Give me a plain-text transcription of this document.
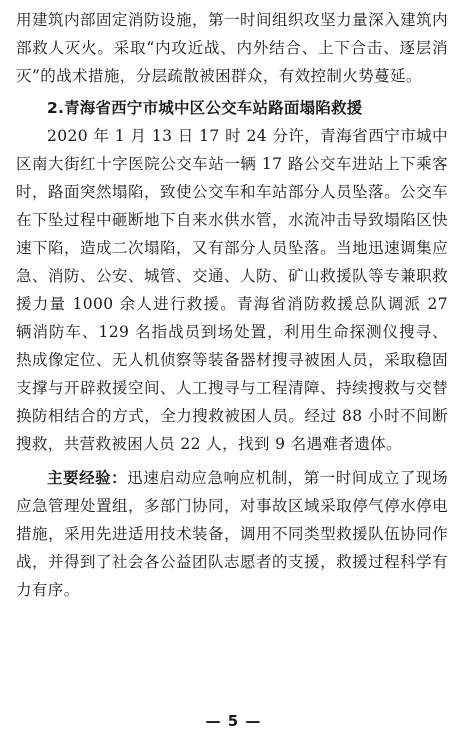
用建筑内部固定消防设施，第一时间组织攻坚力量深入建筑内部救人灭火。采取“内攻近战、内外结合、上下合击、逐层消灭”的战术措施，分层疏散被困群众，有效控制火势蔓延。

2.青海省西宁市城中区公交车站路面塌陷救援

2020 年 1 月 13 日 17 时 24 分许，青海省西宁市城中区南大街红十字医院公交车站一辆 17 路公交车进站上下乘客时，路面突然塌陷，致使公交车和车站部分人员坠落。公交车在下坠过程中砸断地下自来水供水管，水流冲击导致塌陷区快速下陷，造成二次塌陷，又有部分人员坠落。当地迅速调集应急、消防、公安、城管、交通、人防、矿山救援队等专兼职救援力量 1000 余人进行救援。青海省消防救援总队调派 27 辆消防车、129 名指战员到场处置，利用生命探测仪搜寻、热成像定位、无人机侦察等装备器材搜寻被困人员，采取稳固支撑与开辟救援空间、人工搜寻与工程清障、持续搜救与交替换防相结合的方式，全力搜救被困人员。经过 88 小时不间断搜救，共营救被困人员 22 人，找到 9 名遇难者遗体。

主要经验：迅速启动应急响应机制，第一时间成立了现场应急管理处置组，多部门协同，对事故区域采取停气停水停电措施，采用先进适用技术装备，调用不同类型救援队伍协同作战，并得到了社会各公益团队志愿者的支援，救援过程科学有力有序。

— 5 —
